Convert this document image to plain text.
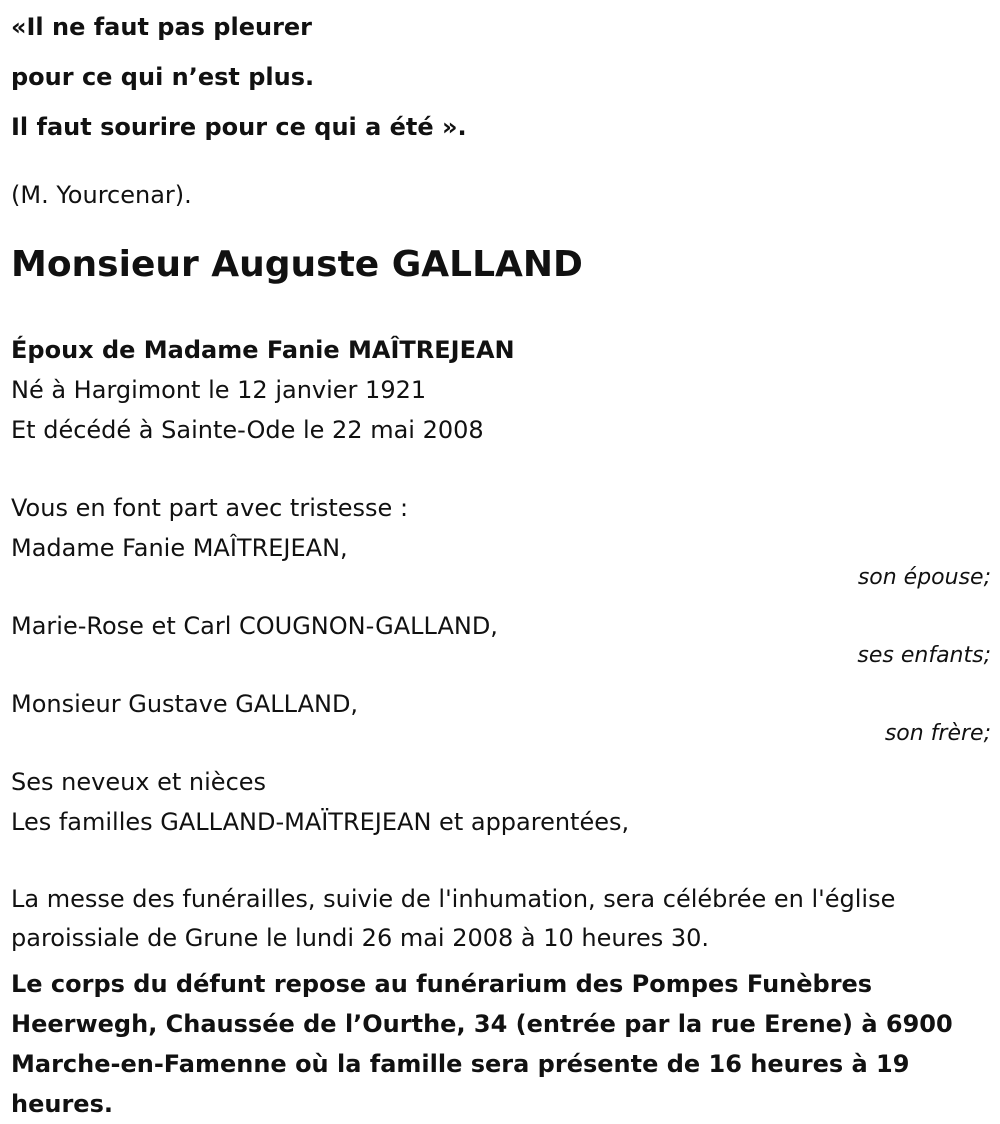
«Il ne faut pas pleurer

pour ce qui n’est plus.

Il faut sourire pour ce qui a été ».

(M. Yourcenar).

Monsieur Auguste GALLAND

Époux de Madame Fanie MAÎTREJEAN

Né à Hargimont le 12 janvier 1921

Et décédé à Sainte-Ode le 22 mai 2008

Vous en font part avec tristesse :

Madame Fanie MAÎTREJEAN,

son épouse;

Marie-Rose et Carl COUGNON-GALLAND,

ses enfants;

Monsieur Gustave GALLAND,

son frère;

Ses neveux et nièces

Les familles GALLAND-MAÏTREJEAN et apparentées,

La messe des funérailles, suivie de l'inhumation, sera célébrée en l'église

paroissiale de Grune le lundi 26 mai 2008 à 10 heures 30.

Le corps du défunt repose au funérarium des Pompes Funèbres

Heerwegh, Chaussée de l’Ourthe, 34 (entrée par la rue Erene) à 6900

Marche-en-Famenne où la famille sera présente de 16 heures à 19

heures.
